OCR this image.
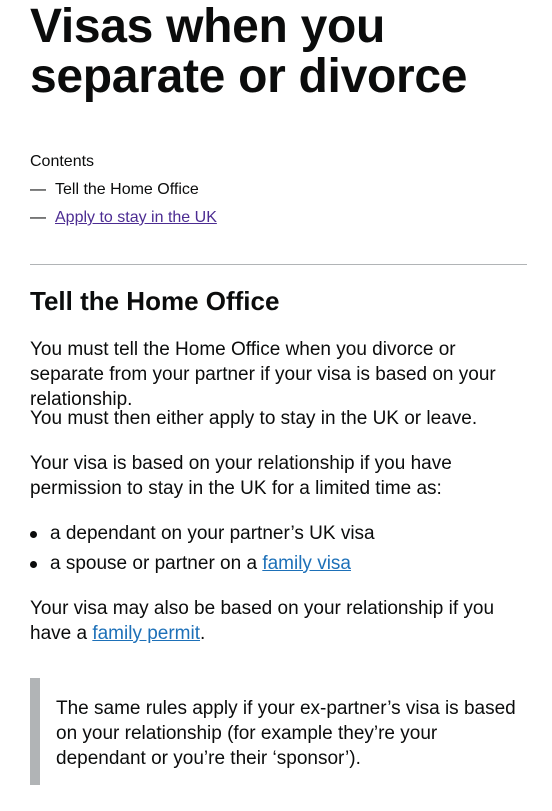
Visas when you separate or divorce
Contents
— Tell the Home Office
— Apply to stay in the UK
Tell the Home Office

You must tell the Home Office when you divorce or separate from your partner if your visa is based on your relationship.

You must then either apply to stay in the UK or leave.

Your visa is based on your relationship if you have permission to stay in the UK for a limited time as:

a dependant on your partner’s UK visa
a spouse or partner on a family visa

Your visa may also be based on your relationship if you have a family permit.

The same rules apply if your ex-partner’s visa is based on your relationship (for example they’re your dependant or you’re their ‘sponsor’).
